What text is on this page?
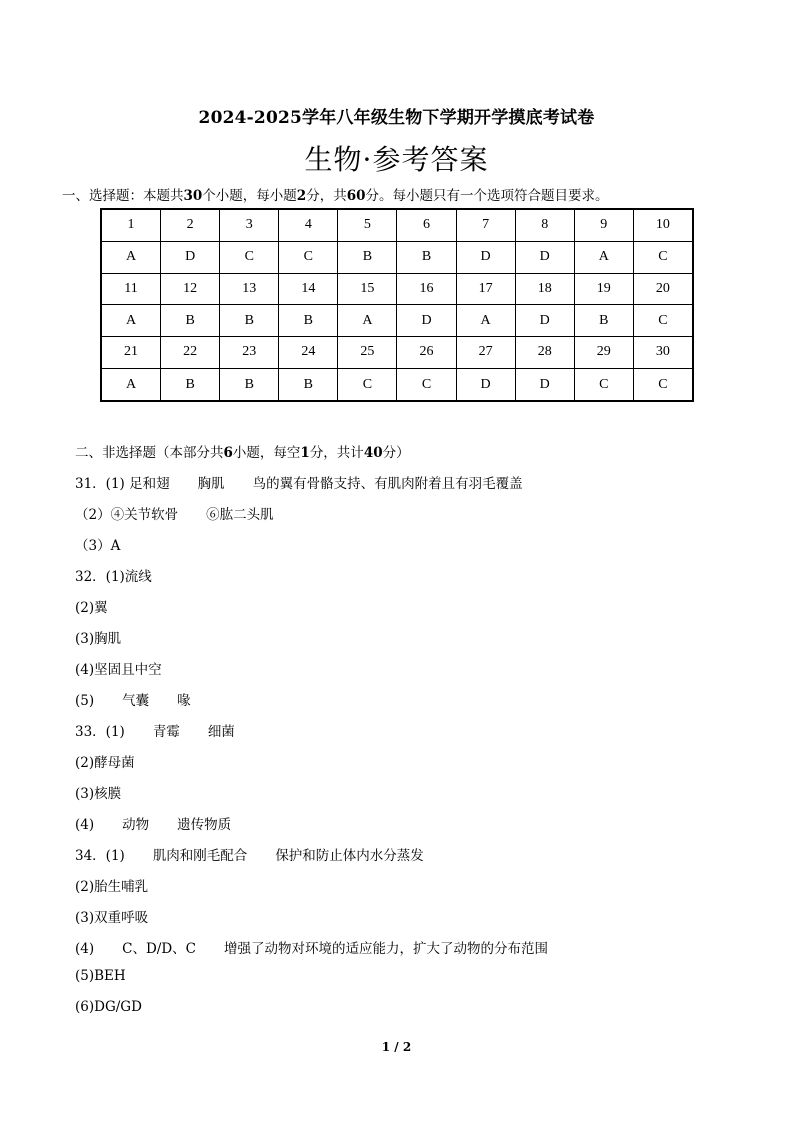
2024-2025学年八年级生物下学期开学摸底考试卷
生物·参考答案
一、选择题：本题共30个小题，每小题2分，共60分。每小题只有一个选项符合题目要求。
1	2	3	4	5	6	7	8	9	10
A	D	C	C	B	B	D	D	A	C
11	12	13	14	15	16	17	18	19	20
A	B	B	B	A	D	A	D	B	C
21	22	23	24	25	26	27	28	29	30
A	B	B	B	C	C	D	D	C	C
二、非选择题（本部分共6小题，每空1分，共计40分）
31．(1) 足和翅 胸肌 鸟的翼有骨骼支持、有肌肉附着且有羽毛覆盖
（2）④关节软骨 ⑥肱二头肌
（3）A
32．(1)流线
(2)翼
(3)胸肌
(4)坚固且中空
(5) 气囊 喙
33．(1) 青霉 细菌
(2)酵母菌
(3)核膜
(4) 动物 遗传物质
34．(1) 肌肉和刚毛配合 保护和防止体内水分蒸发
(2)胎生哺乳
(3)双重呼吸
(4) C、D/D、C 增强了动物对环境的适应能力，扩大了动物的分布范围
(5)BEH
(6)DG/GD
1 / 2
